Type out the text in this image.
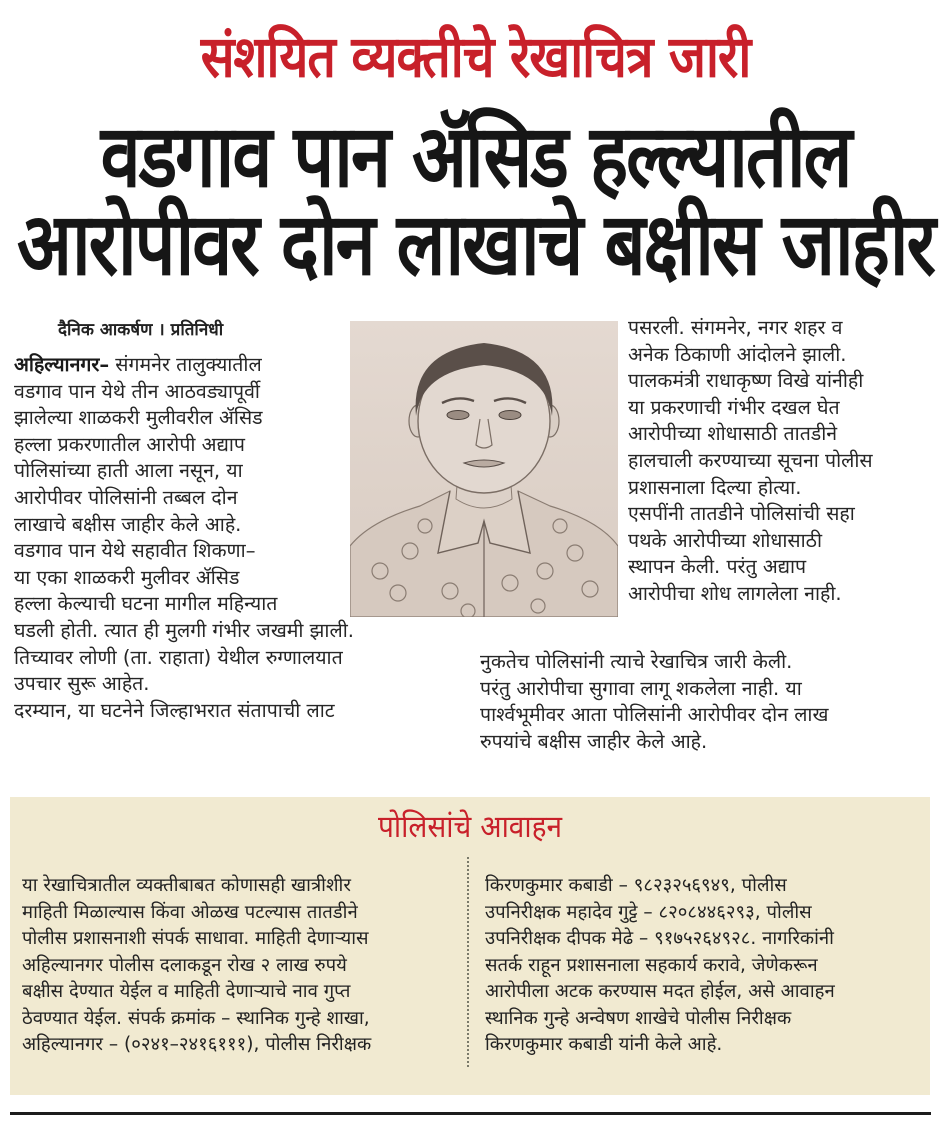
संशयित व्यक्तीचे रेखाचित्र जारी
वडगाव पान ॲसिड हल्ल्यातील
आरोपीवर दोन लाखाचे बक्षीस जाहीर
दैनिक आकर्षण । प्रतिनिधी
अहिल्यानगर– संगमनेर तालुक्यातील
वडगाव पान येथे तीन आठवड्यापूर्वी
झालेल्या शाळकरी मुलीवरील ॲसिड
हल्ला प्रकरणातील आरोपी अद्याप
पोलिसांच्या हाती आला नसून, या
आरोपीवर पोलिसांनी तब्बल दोन
लाखाचे बक्षीस जाहीर केले आहे.
वडगाव पान येथे सहावीत शिकणा–
या एका शाळकरी मुलीवर ॲसिड
हल्ला केल्याची घटना मागील महिन्यात
घडली होती. त्यात ही मुलगी गंभीर जखमी झाली.
तिच्यावर लोणी (ता. राहाता) येथील रुग्णालयात
उपचार सुरू आहेत.
दरम्यान, या घटनेने जिल्हाभरात संतापाची लाट
पसरली. संगमनेर, नगर शहर व
अनेक ठिकाणी आंदोलने झाली.
पालकमंत्री राधाकृष्ण विखे यांनीही
या प्रकरणाची गंभीर दखल घेत
आरोपीच्या शोधासाठी तातडीने
हालचाली करण्याच्या सूचना पोलीस
प्रशासनाला दिल्या होत्या.
एसपींनी तातडीने पोलिसांची सहा
पथके आरोपीच्या शोधासाठी
स्थापन केली. परंतु अद्याप
आरोपीचा शोध लागलेला नाही.
नुकतेच पोलिसांनी त्याचे रेखाचित्र जारी केली.
परंतु आरोपीचा सुगावा लागू शकलेला नाही. या
पार्श्वभूमीवर आता पोलिसांनी आरोपीवर दोन लाख
रुपयांचे बक्षीस जाहीर केले आहे.
पोलिसांचे आवाहन
या रेखाचित्रातील व्यक्तीबाबत कोणासही खात्रीशीर
माहिती मिळाल्यास किंवा ओळख पटल्यास तातडीने
पोलीस प्रशासनाशी संपर्क साधावा. माहिती देणाऱ्यास
अहिल्यानगर पोलीस दलाकडून रोख २ लाख रुपये
बक्षीस देण्यात येईल व माहिती देणाऱ्याचे नाव गुप्त
ठेवण्यात येईल. संपर्क क्रमांक – स्थानिक गुन्हे शाखा,
अहिल्यानगर – (०२४१–२४१६१११), पोलीस निरीक्षक
किरणकुमार कबाडी – ९८२३२५६९४९, पोलीस
उपनिरीक्षक महादेव गुट्टे – ८२०८४४६२९३, पोलीस
उपनिरीक्षक दीपक मेढे – ९१७५२६४९२८. नागरिकांनी
सतर्क राहून प्रशासनाला सहकार्य करावे, जेणेकरून
आरोपीला अटक करण्यास मदत होईल, असे आवाहन
स्थानिक गुन्हे अन्वेषण शाखेचे पोलीस निरीक्षक
किरणकुमार कबाडी यांनी केले आहे.
